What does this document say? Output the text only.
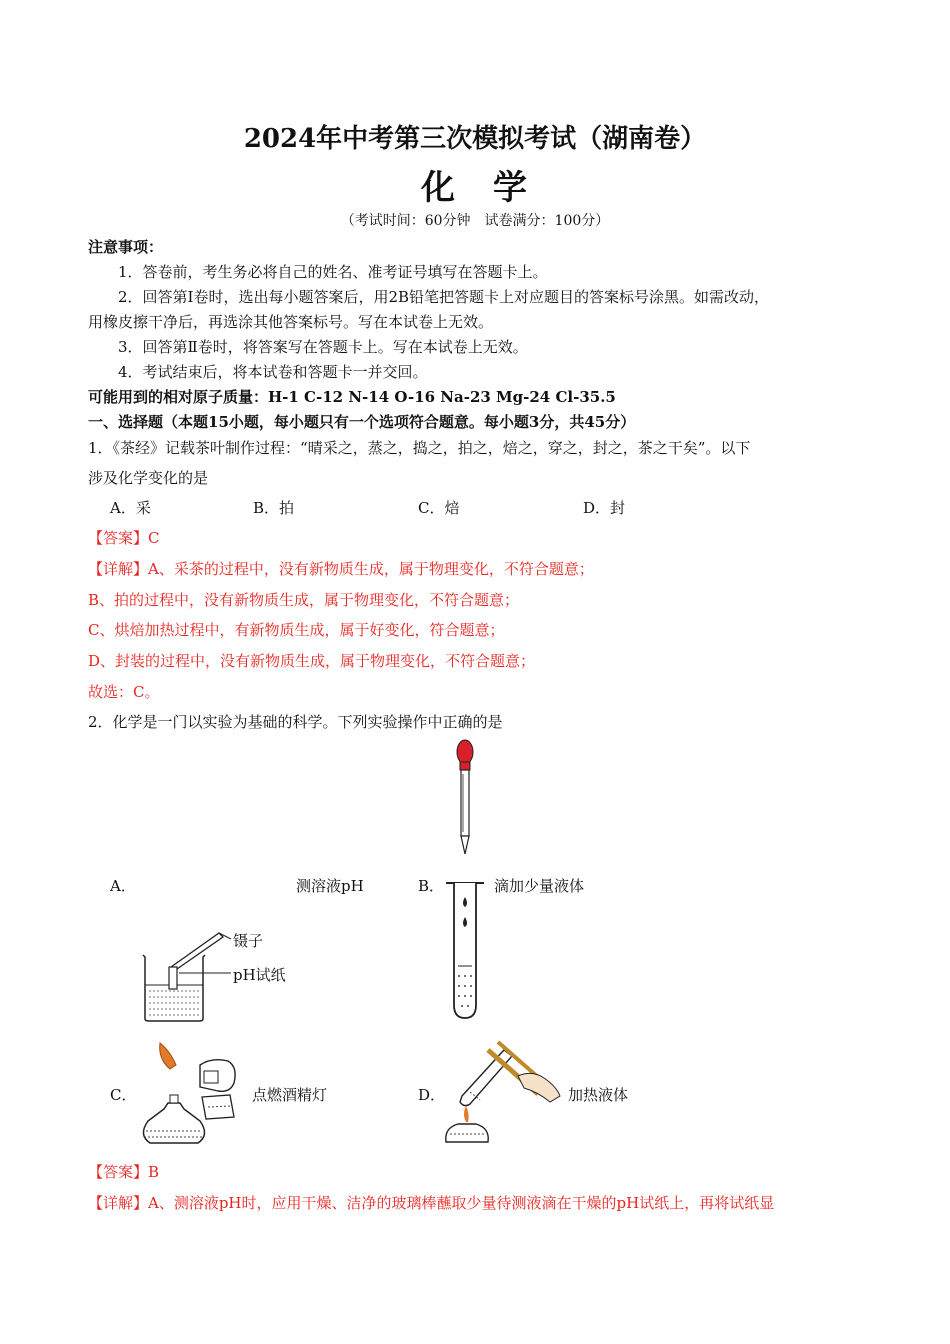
2024年中考第三次模拟考试（湖南卷）
化 学
（考试时间：60分钟　试卷满分：100分）
注意事项：
1．答卷前，考生务必将自己的姓名、准考证号填写在答题卡上。
2．回答第Ⅰ卷时，选出每小题答案后，用2B铅笔把答题卡上对应题目的答案标号涂黑。如需改动，
用橡皮擦干净后，再选涂其他答案标号。写在本试卷上无效。
3．回答第Ⅱ卷时，将答案写在答题卡上。写在本试卷上无效。
4．考试结束后，将本试卷和答题卡一并交回。
可能用到的相对原子质量：H-1 C-12 N-14 O-16 Na-23 Mg-24 Cl-35.5
一、选择题（本题15小题，每小题只有一个选项符合题意。每小题3分，共45分）
1．《茶经》记载茶叶制作过程：“晴采之，蒸之，捣之，拍之，焙之，穿之，封之，茶之干矣”。以下
涉及化学变化的是
A．采	B．拍	C．焙	D．封
【答案】C
【详解】A、采茶的过程中，没有新物质生成，属于物理变化，不符合题意；
B、拍的过程中，没有新物质生成，属于物理变化，不符合题意；
C、烘焙加热过程中，有新物质生成，属于好变化，符合题意；
D、封装的过程中，没有新物质生成，属于物理变化，不符合题意；
故选：C。
2．化学是一门以实验为基础的科学。下列实验操作中正确的是
A．	测溶液pH	B．	滴加少量液体
镊子
pH试纸
C．	点燃酒精灯	D．	加热液体
【答案】B
【详解】A、测溶液pH时，应用干燥、洁净的玻璃棒蘸取少量待测液滴在干燥的pH试纸上，再将试纸显
